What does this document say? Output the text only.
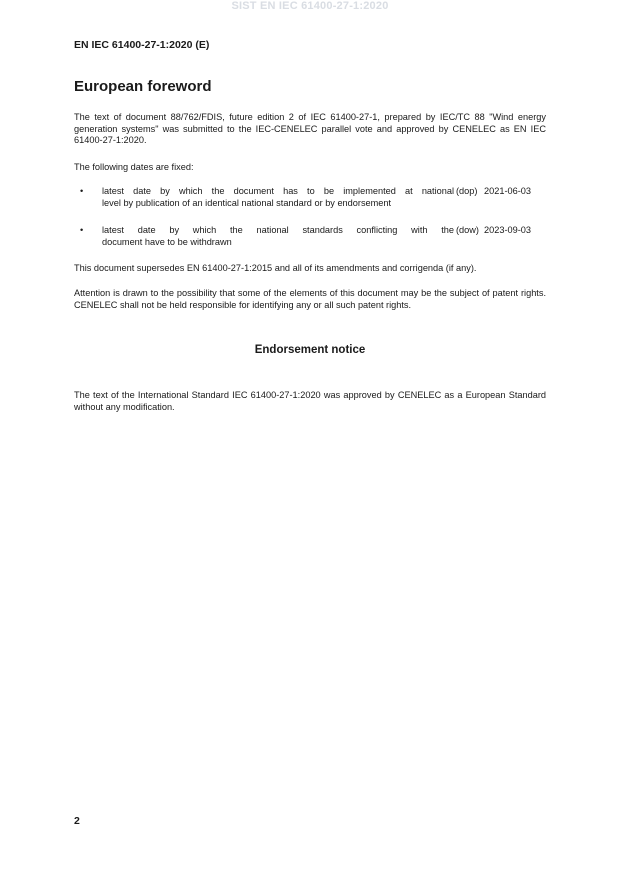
SIST EN IEC 61400-27-1:2020
EN IEC 61400-27-1:2020 (E)
European foreword
The text of document 88/762/FDIS, future edition 2 of IEC 61400-27-1, prepared by IEC/TC 88 "Wind energy generation systems" was submitted to the IEC-CENELEC parallel vote and approved by CENELEC as EN IEC 61400-27-1:2020.
The following dates are fixed:
• latest date by which the document has to be implemented at national
level by publication of an identical national standard or by endorsement
(dop) 2021-06-03
• latest date by which the national standards conflicting with the
document have to be withdrawn
(dow) 2023-09-03
This document supersedes EN 61400-27-1:2015 and all of its amendments and corrigenda (if any).
Attention is drawn to the possibility that some of the elements of this document may be the subject of patent rights. CENELEC shall not be held responsible for identifying any or all such patent rights.
Endorsement notice
The text of the International Standard IEC 61400-27-1:2020 was approved by CENELEC as a European Standard without any modification.
2
